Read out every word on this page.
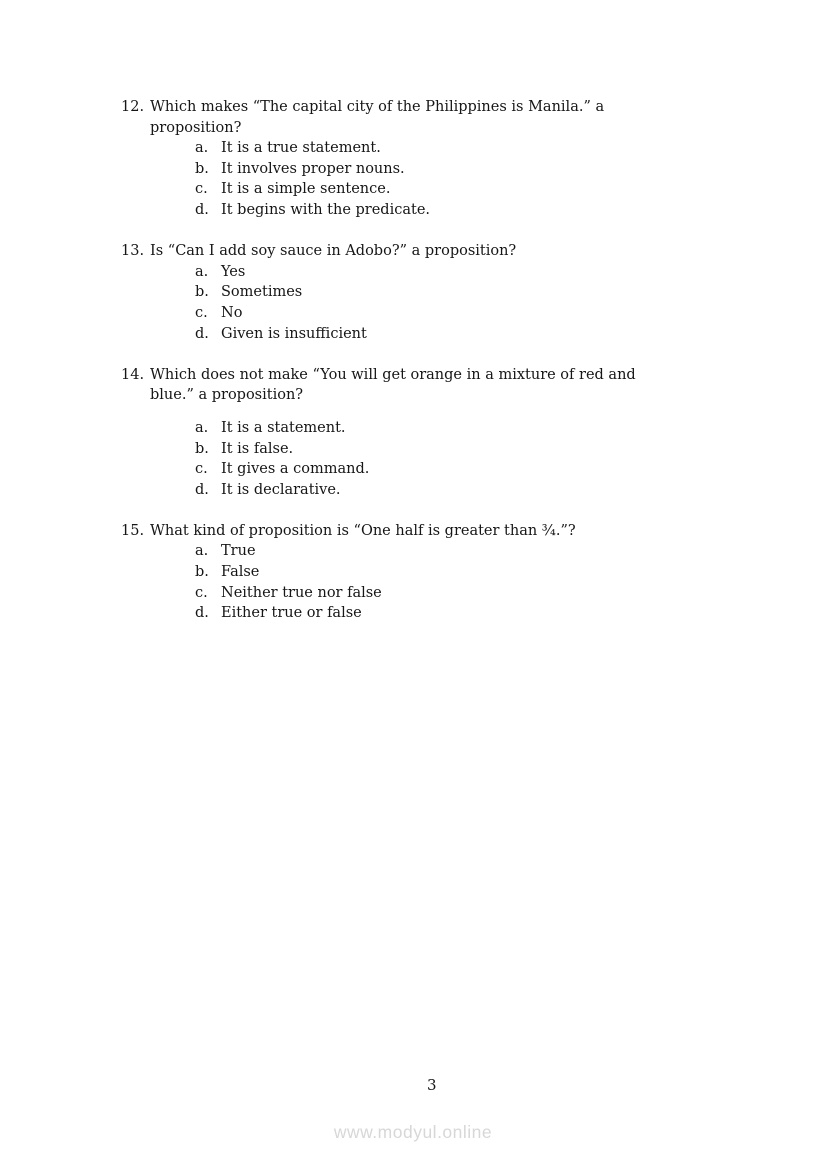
12. Which makes “The capital city of the Philippines is Manila.” a
proposition?
a. It is a true statement.
b. It involves proper nouns.
c. It is a simple sentence.
d. It begins with the predicate.
13. Is “Can I add soy sauce in Adobo?” a proposition?
a. Yes
b. Sometimes
c. No
d. Given is insufficient
14. Which does not make “You will get orange in a mixture of red and
blue.” a proposition?
a. It is a statement.
b. It is false.
c. It gives a command.
d. It is declarative.
15. What kind of proposition is “One half is greater than ¾.”?
a. True
b. False
c. Neither true nor false
d. Either true or false
3
www.modyul.online
